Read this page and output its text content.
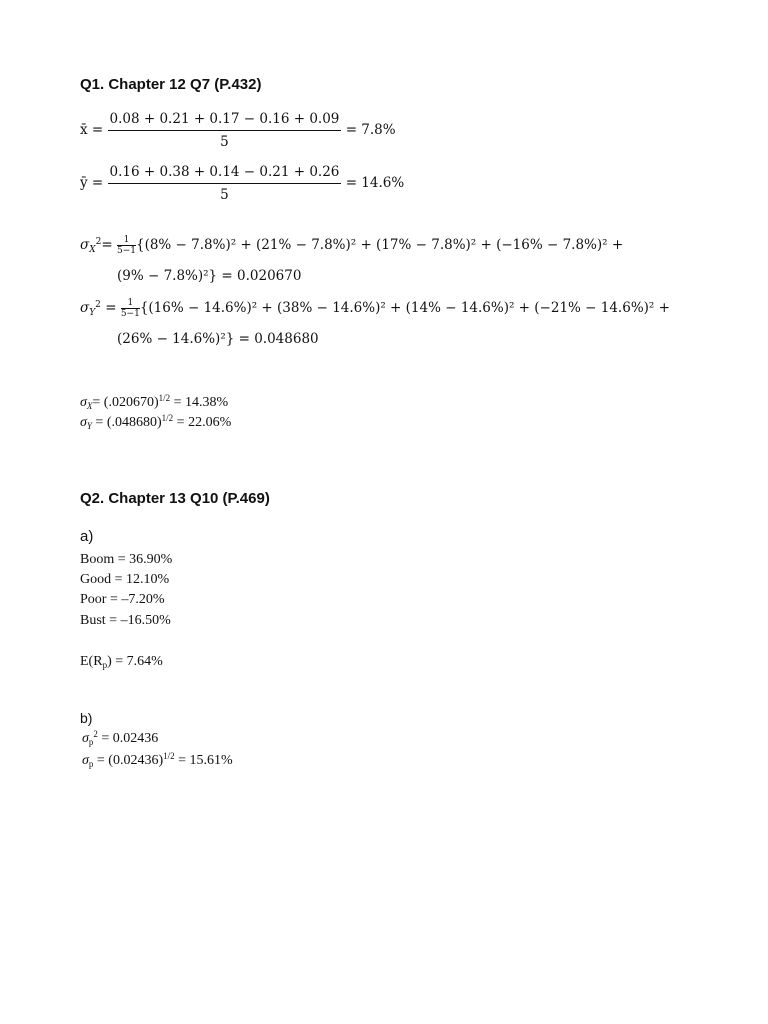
Q1. Chapter 12 Q7 (P.432)
x̄ = $\frac{0.08 + 0.21 + 0.17 - 0.16 + 0.09}{5} = 7.8\%$
ȳ = $\frac{0.16 + 0.38 + 0.14 - 0.21 + 0.26}{5} = 14.6\%$
$\sigma_X^2= \frac{1}{5-1} \{(8\% - 7.8\%)^2 + (21\% - 7.8\%)^2 + (17\% - 7.8\%)^2 + (-16\% - 7.8\%)^2$ +
(9% − 7.8%)²} = 0.020670
$\sigma_Y^2 = \frac{1}{5-1} \{(16\% - 14.6\%)^2 + (38\% - 14.6\%)^2 + (14\% - 14.6\%)^2 + (-21\% - 14.6\%)^2$ +
(26% − 14.6%)²} = 0.048680
$\sigma_X= (.020670)^{1/2} = 14.38\%$
$\sigma_Y = (.048680)^{1/2} = 22.06\%$
Q2. Chapter 13 Q10 (P.469)
a)
Boom = 36.90%
Good = 12.10%
Poor = –7.20%
Bust = –16.50%
$E(R_p) = 7.64\%$
b)
$\sigma_p^2 = 0.02436$
$\sigma_p = (0.02436)^{1/2} = 15.61\%$
